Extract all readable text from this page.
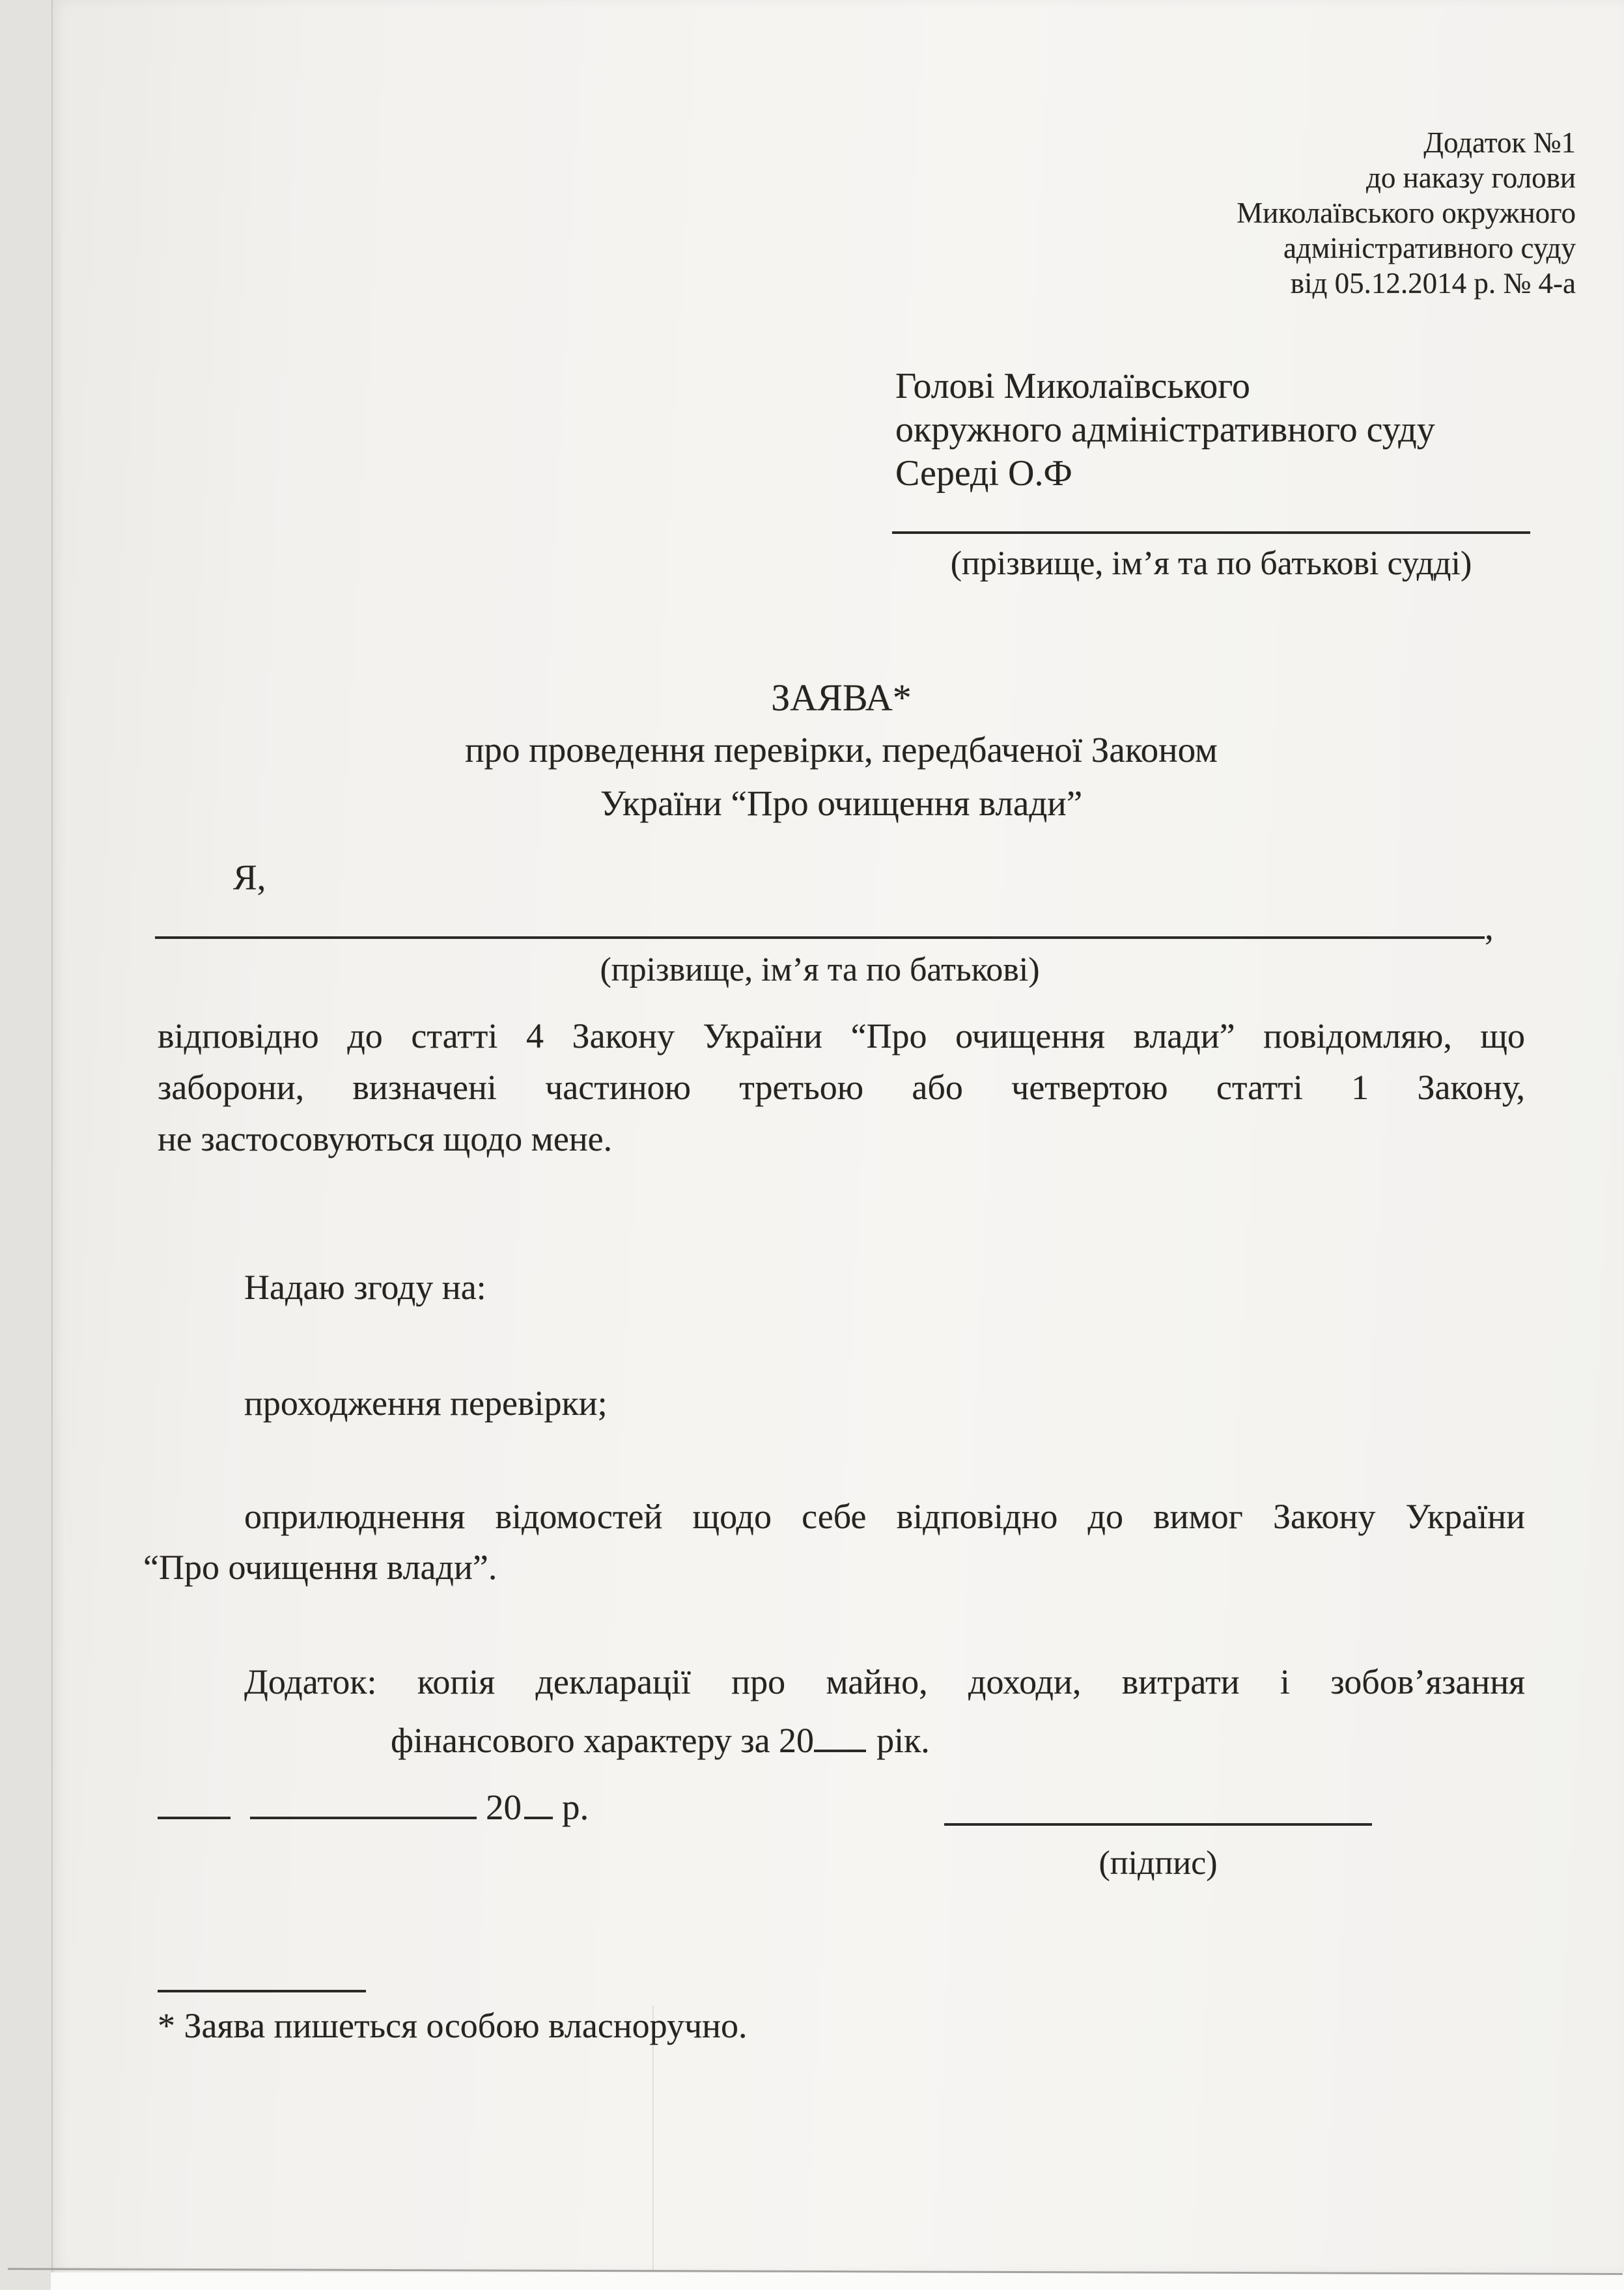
Додаток №1
до наказу голови
Миколаївського окружного
адміністративного суду
від 05.12.2014 р. № 4-а
Голові Миколаївського
окружного адміністративного суду
Середі О.Ф
(прізвище, ім’я та по батькові судді)
ЗАЯВА*
про проведення перевірки, передбаченої Законом
України “Про очищення влади”
Я,
,
(прізвище, ім’я та по батькові)
відповідно до статті 4 Закону України “Про очищення влади” повідомляю, що
заборони, визначені частиною третьою або четвертою статті 1 Закону,
не застосовуються щодо мене.
Надаю згоду на:
проходження перевірки;
оприлюднення відомостей щодо себе відповідно до вимог Закону України
“Про очищення влади”.
Додаток: копія декларації про майно, доходи, витрати і зобов’язання
фінансового характеру за 20 рік.
20 р.
(підпис)
* Заява пишеться особою власноручно.
